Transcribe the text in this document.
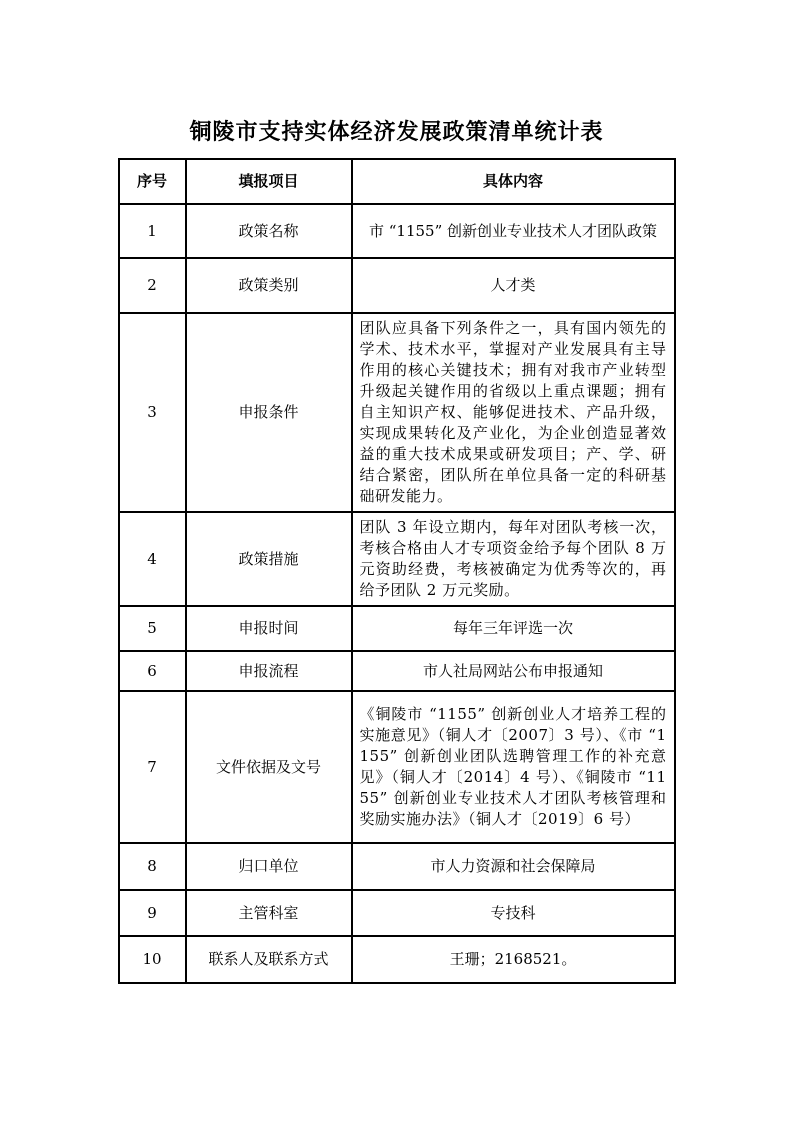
铜陵市支持实体经济发展政策清单统计表
序号	填报项目	具体内容
1	政策名称	市 “1155” 创新创业专业技术人才团队政策
2	政策类别	人才类
3	申报条件	团队应具备下列条件之一，具有国内领先的学术、技术水平，掌握对产业发展具有主导作用的核心关键技术；拥有对我市产业转型升级起关键作用的省级以上重点课题；拥有自主知识产权、能够促进技术、产品升级，实现成果转化及产业化，为企业创造显著效益的重大技术成果或研发项目；产、学、研结合紧密，团队所在单位具备一定的科研基础研发能力。
4	政策措施	团队 3 年设立期内，每年对团队考核一次，考核合格由人才专项资金给予每个团队 8 万元资助经费，考核被确定为优秀等次的，再给予团队 2 万元奖励。
5	申报时间	每年三年评选一次
6	申报流程	市人社局网站公布申报通知
7	文件依据及文号	《铜陵市 “1155” 创新创业人才培养工程的实施意见》（铜人才〔2007〕3 号）、《市 “1155” 创新创业团队选聘管理工作的补充意见》（铜人才〔2014〕4 号）、《铜陵市 “1155” 创新创业专业技术人才团队考核管理和奖励实施办法》（铜人才〔2019〕6 号）
8	归口单位	市人力资源和社会保障局
9	主管科室	专技科
10	联系人及联系方式	王珊；2168521。
